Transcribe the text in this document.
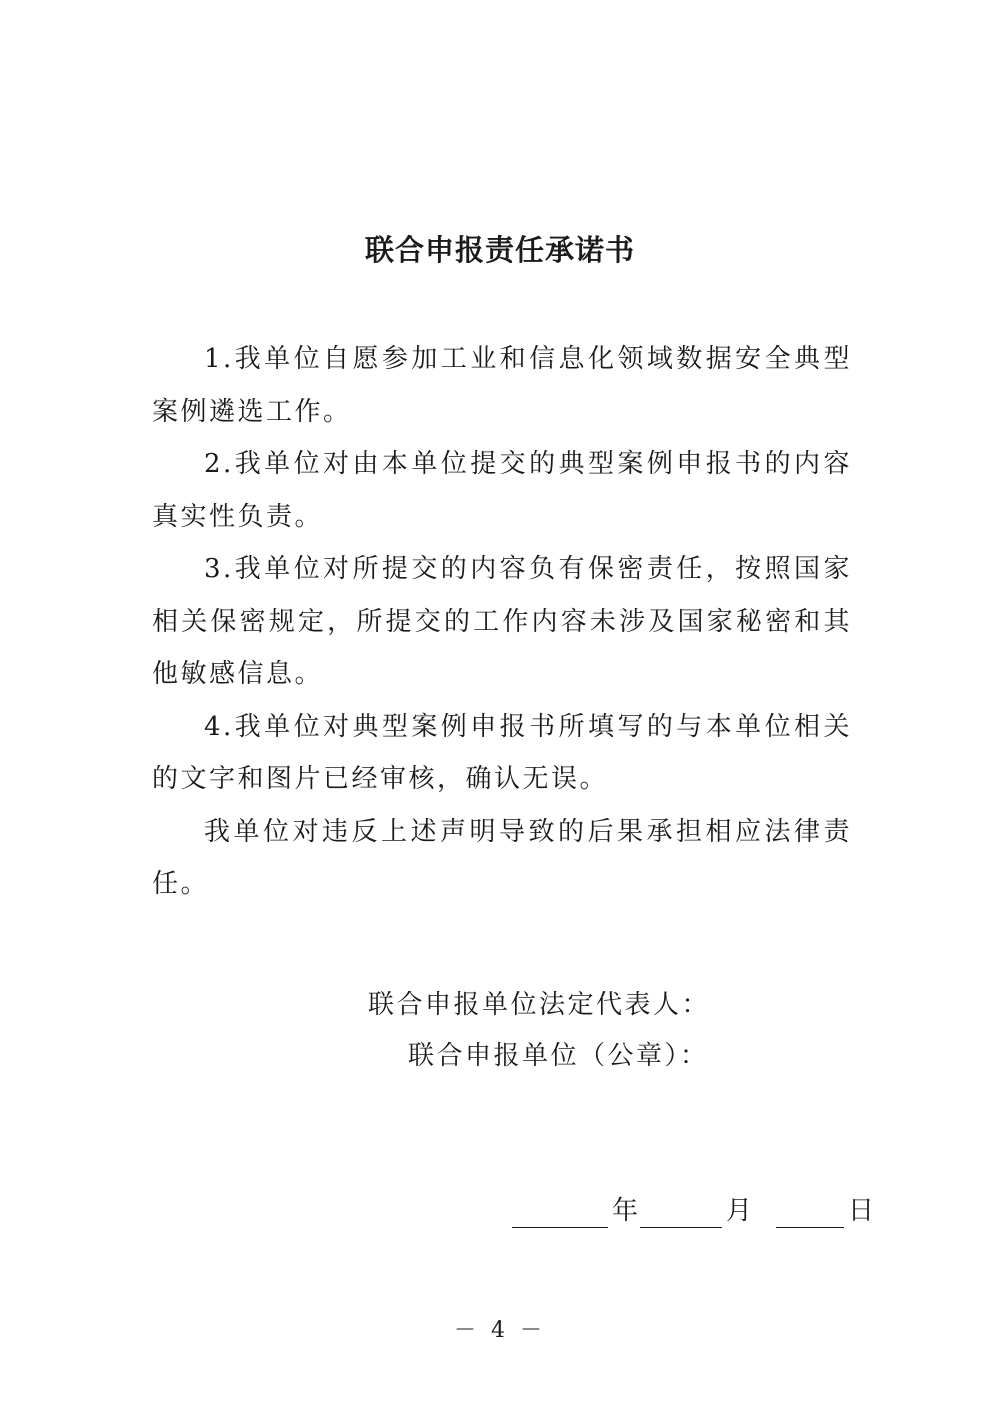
联合申报责任承诺书

1.我单位自愿参加工业和信息化领域数据安全典型案例遴选工作。

2.我单位对由本单位提交的典型案例申报书的内容真实性负责。

3.我单位对所提交的内容负有保密责任，按照国家相关保密规定，所提交的工作内容未涉及国家秘密和其他敏感信息。

4.我单位对典型案例申报书所填写的与本单位相关的文字和图片已经审核，确认无误。

我单位对违反上述声明导致的后果承担相应法律责任。

联合申报单位法定代表人：
联合申报单位（公章）：
年	月	日
－ 4 －
